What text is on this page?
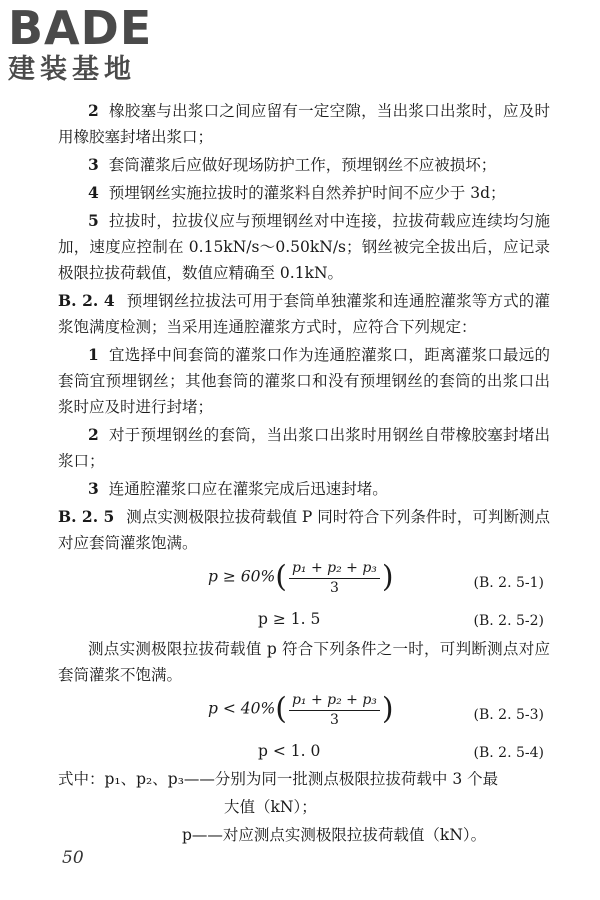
BADE
建装基地

2 橡胶塞与出浆口之间应留有一定空隙，当出浆口出浆时，应及时用橡胶塞封堵出浆口；

3 套筒灌浆后应做好现场防护工作，预埋钢丝不应被损坏；

4 预埋钢丝实施拉拔时的灌浆料自然养护时间不应少于 3d；

5 拉拔时，拉拔仪应与预埋钢丝对中连接，拉拔荷载应连续均匀施加，速度应控制在 0.15kN/s～0.50kN/s；钢丝被完全拔出后，应记录极限拉拔荷载值，数值应精确至 0.1kN。

B. 2. 4 预埋钢丝拉拔法可用于套筒单独灌浆和连通腔灌浆等方式的灌浆饱满度检测；当采用连通腔灌浆方式时，应符合下列规定：

1 宜选择中间套筒的灌浆口作为连通腔灌浆口，距离灌浆口最远的套筒宜预埋钢丝；其他套筒的灌浆口和没有预埋钢丝的套筒的出浆口出浆时应及时进行封堵；

2 对于预埋钢丝的套筒，当出浆口出浆时用钢丝自带橡胶塞封堵出浆口；

3 连通腔灌浆口应在灌浆完成后迅速封堵。

B. 2. 5 测点实测极限拉拔荷载值 P 同时符合下列条件时，可判断测点对应套筒灌浆饱满。

$p \ge 60\%( \frac{\text{p₁ + p₂ + p₃}}{3}$ )	(B. 2. 5-1)
p ≥ 1. 5	(B. 2. 5-2)

测点实测极限拉拔荷载值 p 符合下列条件之一时，可判断测点对应套筒灌浆不饱满。

$p < 40\%( \frac{\text{p₁ + p₂ + p₃}}{3}$ )	(B. 2. 5-3)
p < 1. 0	(B. 2. 5-4)

式中：p₁、p₂、p₃——分别为同一批测点极限拉拔荷载中 3 个最

大值（kN）；

p——对应测点实测极限拉拔荷载值（kN）。

50
